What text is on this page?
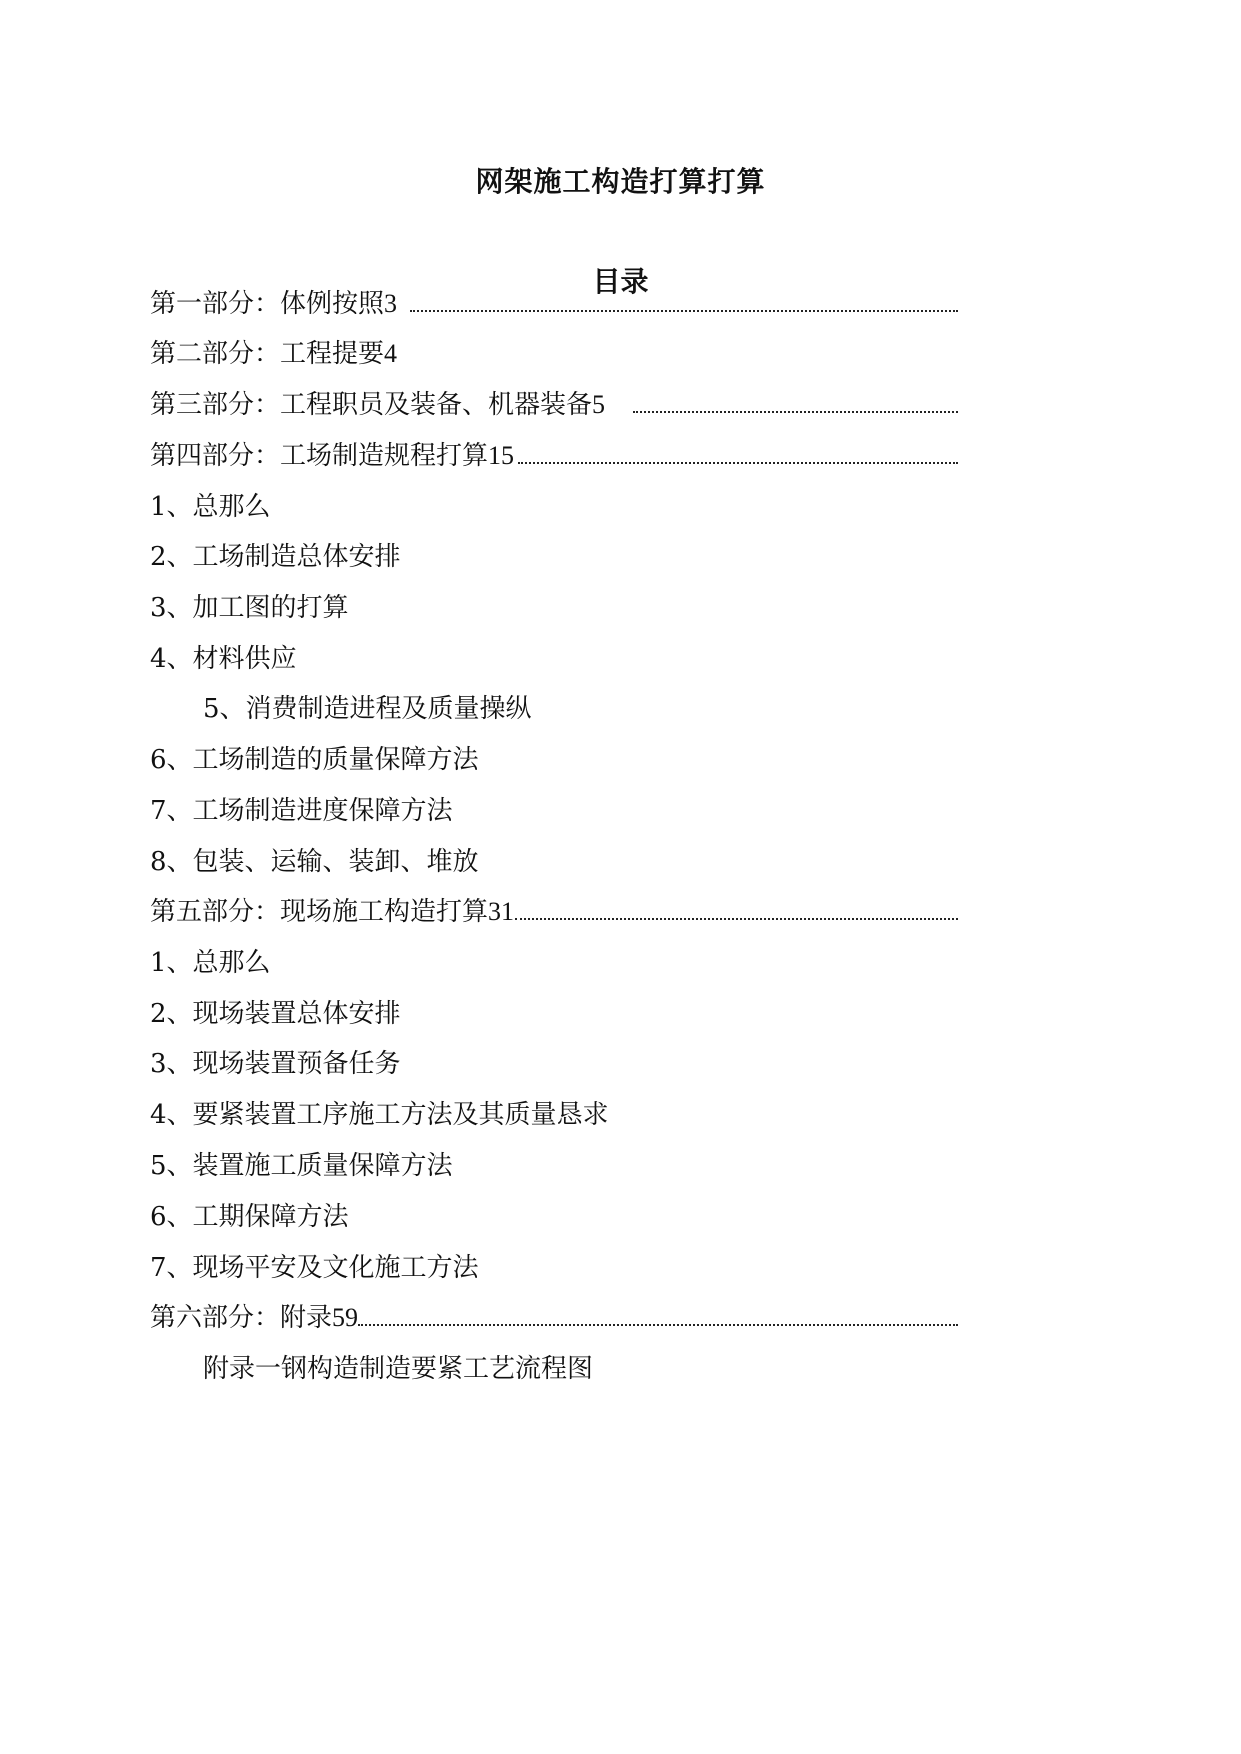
网架施工构造打算打算
目录
第一部分：体例按照3
第二部分：工程提要4
第三部分：工程职员及装备、机器装备5
第四部分：工场制造规程打算15
1、总那么
2、工场制造总体安排
3、加工图的打算
4、材料供应
5、消费制造进程及质量操纵
6、工场制造的质量保障方法
7、工场制造进度保障方法
8、包装、运输、装卸、堆放
第五部分：现场施工构造打算31
1、总那么
2、现场装置总体安排
3、现场装置预备任务
4、要紧装置工序施工方法及其质量恳求
5、装置施工质量保障方法
6、工期保障方法
7、现场平安及文化施工方法
第六部分：附录59
附录一钢构造制造要紧工艺流程图
